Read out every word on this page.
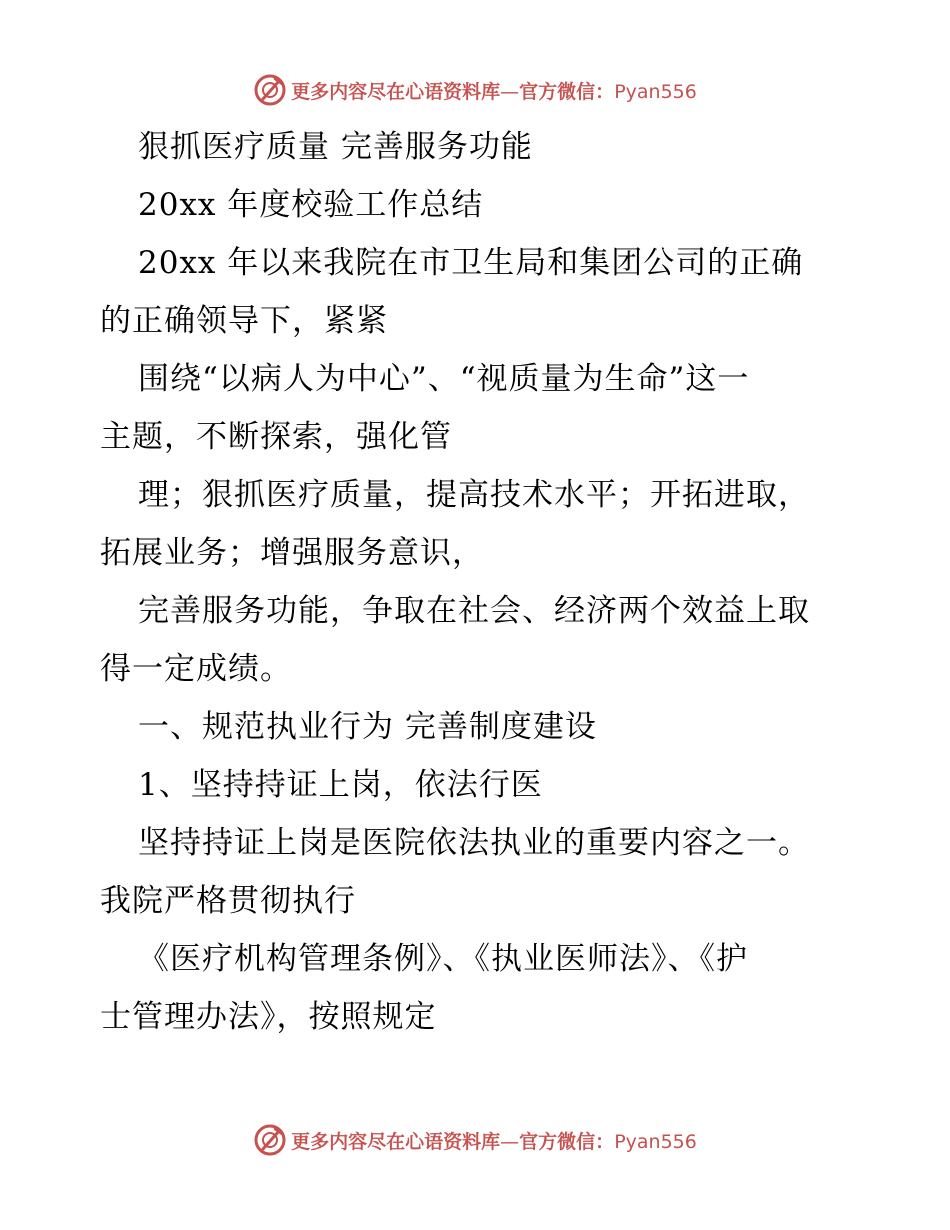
更多内容尽在心语资料库—官方微信：Pyan556
狠抓医疗质量 完善服务功能
20xx 年度校验工作总结
20xx 年以来我院在市卫生局和集团公司的正确
的正确领导下，紧紧
围绕“以病人为中心”、“视质量为生命”这一
主题，不断探索，强化管
理；狠抓医疗质量，提高技术水平；开拓进取，
拓展业务；增强服务意识，
完善服务功能，争取在社会、经济两个效益上取
得一定成绩。
一、规范执业行为 完善制度建设
1、坚持持证上岗，依法行医
坚持持证上岗是医院依法执业的重要内容之一。
我院严格贯彻执行
《医疗机构管理条例》、《执业医师法》、《护
士管理办法》，按照规定
更多内容尽在心语资料库—官方微信：Pyan556
